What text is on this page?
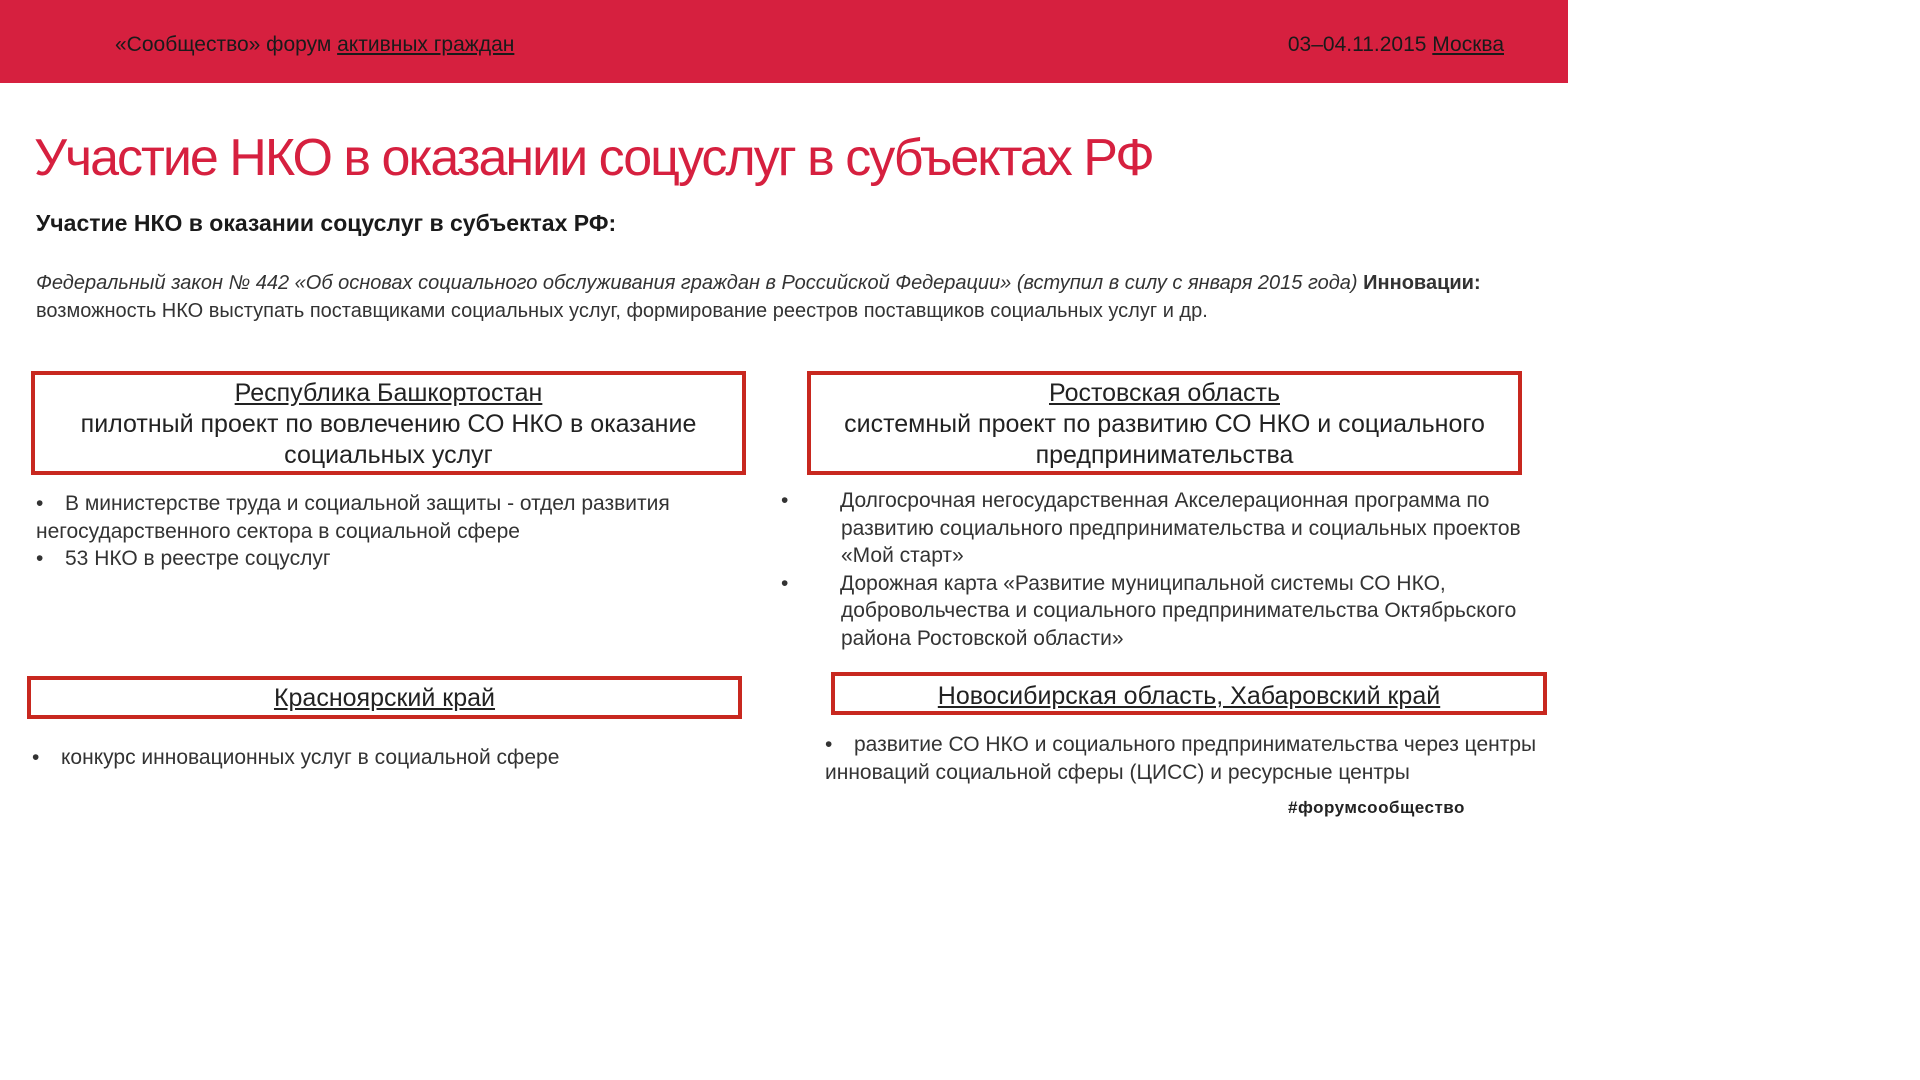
«Сообщество» форум активных граждан	03–04.11.2015 Москва
Участие НКО в оказании соцуслуг в субъектах РФ
Участие НКО в оказании соцуслуг в субъектах РФ:
Федеральный закон № 442 «Об основах социального обслуживания граждан в Российской Федерации» (вступил в силу с января 2015 года) Инновации: возможность НКО выступать поставщиками социальных услуг, формирование реестров поставщиков социальных услуг и др.
Республика Башкортостан
пилотный проект по вовлечению СО НКО в оказание социальных услуг
• В министерстве труда и социальной защиты - отдел развития негосударственного сектора в социальной сфере
• 53 НКО в реестре соцуслуг
Ростовская область
системный проект по развитию СО НКО и социального предпринимательства
• Долгосрочная негосударственная Акселерационная программа по развитию социального предпринимательства и социальных проектов «Мой старт»
• Дорожная карта «Развитие муниципальной системы СО НКО, добровольчества и социального предпринимательства Октябрьского района Ростовской области»
Красноярский край
• конкурс инновационных услуг в социальной сфере
Новосибирская область, Хабаровский край
• развитие СО НКО и социального предпринимательства через центры инноваций социальной сферы (ЦИСС) и ресурсные центры
#форумсообщество
